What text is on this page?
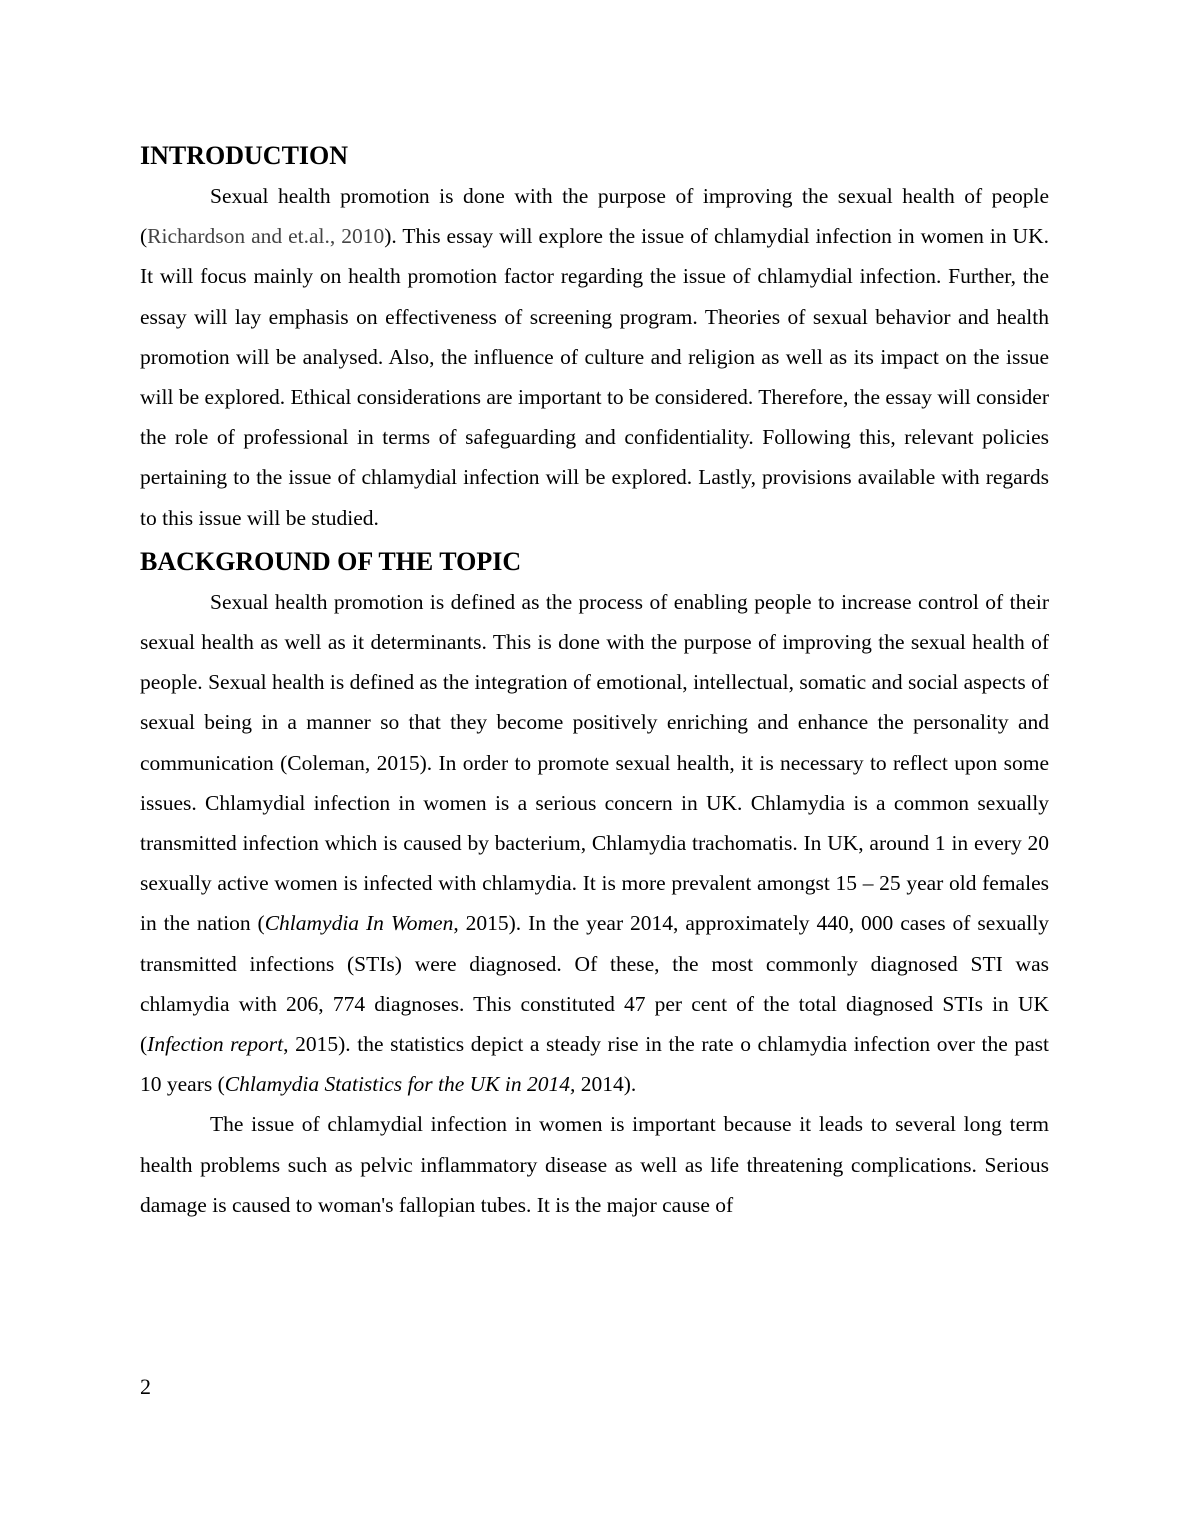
INTRODUCTION

Sexual health promotion is done with the purpose of improving the sexual health of people (Richardson and et.al., 2010). This essay will explore the issue of chlamydial infection in women in UK. It will focus mainly on health promotion factor regarding the issue of chlamydial infection. Further, the essay will lay emphasis on effectiveness of screening program. Theories of sexual behavior and health promotion will be analysed. Also, the influence of culture and religion as well as its impact on the issue will be explored. Ethical considerations are important to be considered. Therefore, the essay will consider the role of professional in terms of safeguarding and confidentiality. Following this, relevant policies pertaining to the issue of chlamydial infection will be explored. Lastly, provisions available with regards to this issue will be studied.

BACKGROUND OF THE TOPIC

Sexual health promotion is defined as the process of enabling people to increase control of their sexual health as well as it determinants. This is done with the purpose of improving the sexual health of people. Sexual health is defined as the integration of emotional, intellectual, somatic and social aspects of sexual being in a manner so that they become positively enriching and enhance the personality and communication (Coleman, 2015). In order to promote sexual health, it is necessary to reflect upon some issues. Chlamydial infection in women is a serious concern in UK. Chlamydia is a common sexually transmitted infection which is caused by bacterium, Chlamydia trachomatis. In UK, around 1 in every 20 sexually active women is infected with chlamydia. It is more prevalent amongst 15 – 25 year old females in the nation (Chlamydia In Women, 2015). In the year 2014, approximately 440, 000 cases of sexually transmitted infections (STIs) were diagnosed. Of these, the most commonly diagnosed STI was chlamydia with 206, 774 diagnoses. This constituted 47 per cent of the total diagnosed STIs in UK (Infection report, 2015). the statistics depict a steady rise in the rate o chlamydia infection over the past 10 years (Chlamydia Statistics for the UK in 2014, 2014).

The issue of chlamydial infection in women is important because it leads to several long term health problems such as pelvic inflammatory disease as well as life threatening complications. Serious damage is caused to woman's fallopian tubes. It is the major cause of

2
